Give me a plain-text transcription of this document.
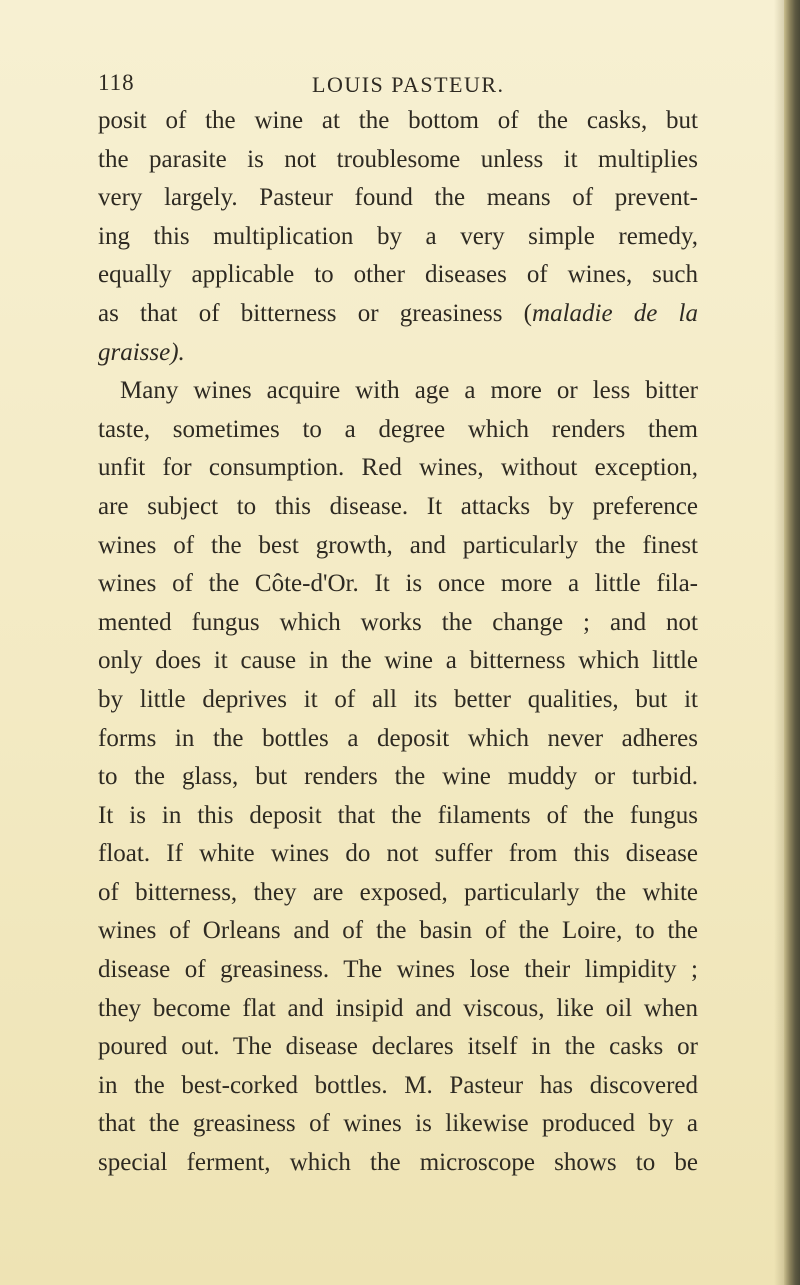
118	LOUIS PASTEUR.
posit of the wine at the bottom of the casks, but
the parasite is not troublesome unless it multiplies
very largely. Pasteur found the means of prevent-
ing this multiplication by a very simple remedy,
equally applicable to other diseases of wines, such
as that of bitterness or greasiness (maladie de la
graisse).
Many wines acquire with age a more or less bitter
taste, sometimes to a degree which renders them
unfit for consumption. Red wines, without exception,
are subject to this disease. It attacks by preference
wines of the best growth, and particularly the finest
wines of the Côte-d'Or. It is once more a little fila-
mented fungus which works the change ; and not
only does it cause in the wine a bitterness which little
by little deprives it of all its better qualities, but it
forms in the bottles a deposit which never adheres
to the glass, but renders the wine muddy or turbid.
It is in this deposit that the filaments of the fungus
float. If white wines do not suffer from this disease
of bitterness, they are exposed, particularly the white
wines of Orleans and of the basin of the Loire, to the
disease of greasiness. The wines lose their limpidity ;
they become flat and insipid and viscous, like oil when
poured out. The disease declares itself in the casks or
in the best-corked bottles. M. Pasteur has discovered
that the greasiness of wines is likewise produced by a
special ferment, which the microscope shows to be
